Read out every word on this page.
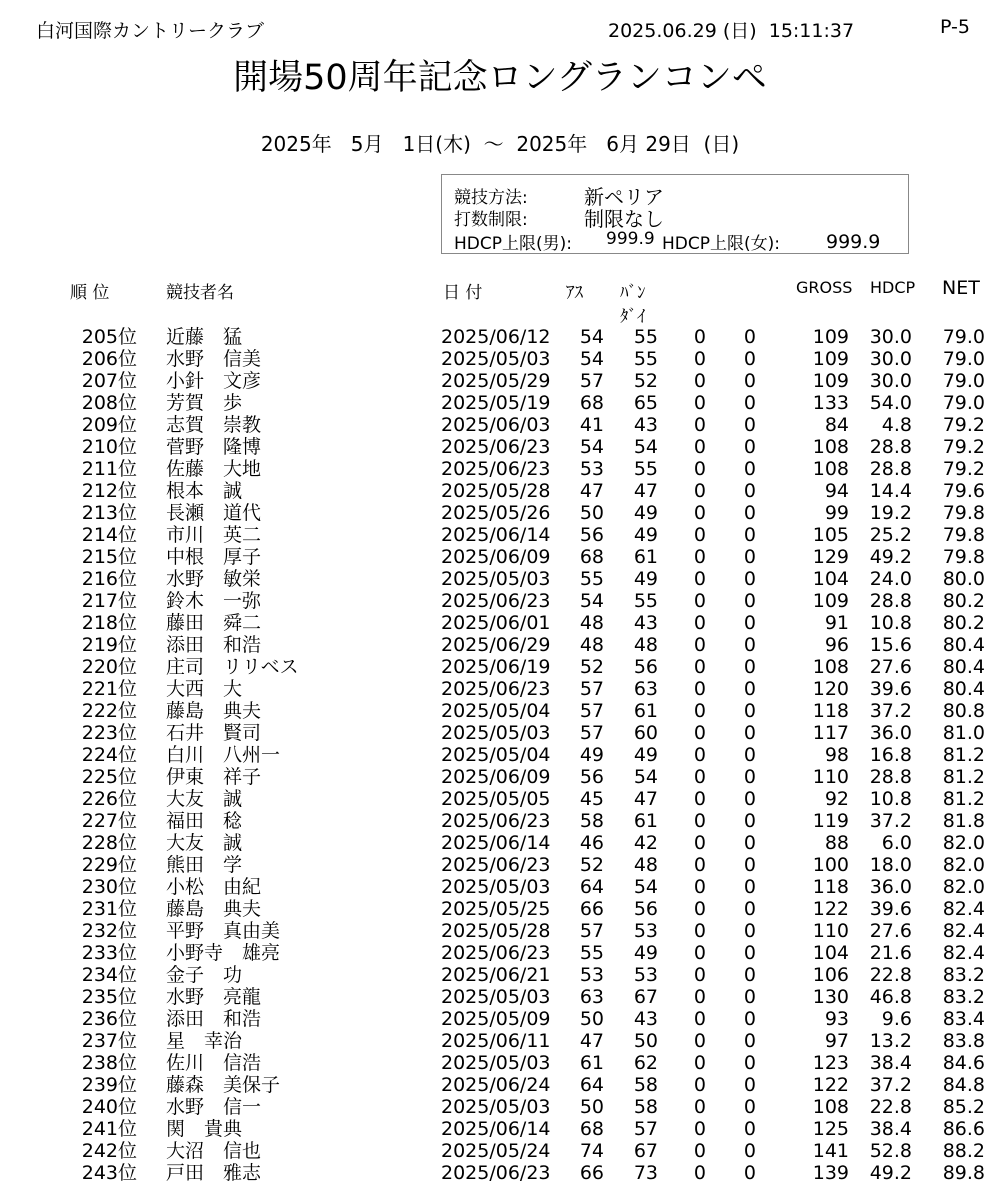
白河国際カントリークラブ	2025.06.29 (日)  15:11:37	P-5
開場50周年記念ロングランコンペ
2025年   5月   1日(木)  ～  2025年   6月 29日  (日)
競技方法:	新ペリア
打数制限:	制限なし
HDCP上限(男): 999.9 HDCP上限(女): 999.9
順 位	競技者名	日 付	ｱｽ ﾊﾞﾝ
ﾀﾞｲ
GROSS HDCP NET
205位 近藤　猛	2025/06/12	54	55	0	0	109	30.0	79.0
206位 水野　信美	2025/05/03	54	55	0	0	109	30.0	79.0
207位 小針　文彦	2025/05/29	57	52	0	0	109	30.0	79.0
208位 芳賀　歩	2025/05/19	68	65	0	0	133	54.0	79.0
209位 志賀　崇教	2025/06/03	41	43	0	0	84	4.8	79.2
210位 菅野　隆博	2025/06/23	54	54	0	0	108	28.8	79.2
211位 佐藤　大地	2025/06/23	53	55	0	0	108	28.8	79.2
212位 根本　誠	2025/05/28	47	47	0	0	94	14.4	79.6
213位 長瀬　道代	2025/05/26	50	49	0	0	99	19.2	79.8
214位 市川　英二	2025/06/14	56	49	0	0	105	25.2	79.8
215位 中根　厚子	2025/06/09	68	61	0	0	129	49.2	79.8
216位 水野　敏栄	2025/05/03	55	49	0	0	104	24.0	80.0
217位 鈴木　一弥	2025/06/23	54	55	0	0	109	28.8	80.2
218位 藤田　舜二	2025/06/01	48	43	0	0	91	10.8	80.2
219位 添田　和浩	2025/06/29	48	48	0	0	96	15.6	80.4
220位 庄司　リリベス	2025/06/19	52	56	0	0	108	27.6	80.4
221位 大西　大	2025/06/23	57	63	0	0	120	39.6	80.4
222位 藤島　典夫	2025/05/04	57	61	0	0	118	37.2	80.8
223位 石井　賢司	2025/05/03	57	60	0	0	117	36.0	81.0
224位 白川　八州一	2025/05/04	49	49	0	0	98	16.8	81.2
225位 伊東　祥子	2025/06/09	56	54	0	0	110	28.8	81.2
226位 大友　誠	2025/05/05	45	47	0	0	92	10.8	81.2
227位 福田　稔	2025/06/23	58	61	0	0	119	37.2	81.8
228位 大友　誠	2025/06/14	46	42	0	0	88	6.0	82.0
229位 熊田　学	2025/06/23	52	48	0	0	100	18.0	82.0
230位 小松　由紀	2025/05/03	64	54	0	0	118	36.0	82.0
231位 藤島　典夫	2025/05/25	66	56	0	0	122	39.6	82.4
232位 平野　真由美	2025/05/28	57	53	0	0	110	27.6	82.4
233位 小野寺　雄亮	2025/06/23	55	49	0	0	104	21.6	82.4
234位 金子　功	2025/06/21	53	53	0	0	106	22.8	83.2
235位 水野　亮龍	2025/05/03	63	67	0	0	130	46.8	83.2
236位 添田　和浩	2025/05/09	50	43	0	0	93	9.6	83.4
237位 星　幸治	2025/06/11	47	50	0	0	97	13.2	83.8
238位 佐川　信浩	2025/05/03	61	62	0	0	123	38.4	84.6
239位 藤森　美保子	2025/06/24	64	58	0	0	122	37.2	84.8
240位 水野　信一	2025/05/03	50	58	0	0	108	22.8	85.2
241位 関　貴典	2025/06/14	68	57	0	0	125	38.4	86.6
242位 大沼　信也	2025/05/24	74	67	0	0	141	52.8	88.2
243位 戸田　雅志	2025/06/23	66	73	0	0	139	49.2	89.8
